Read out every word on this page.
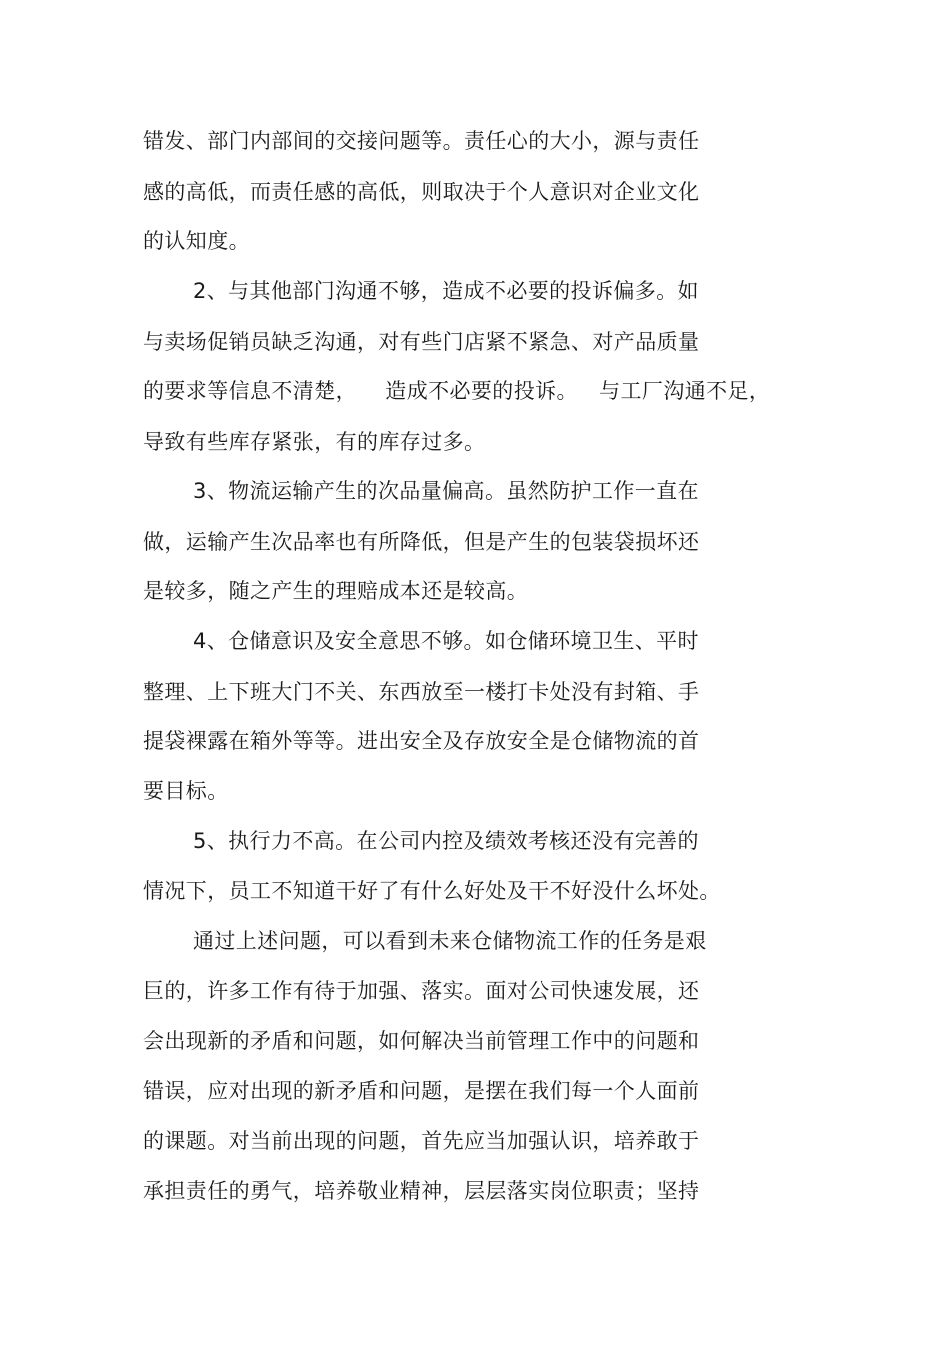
错发、部门内部间的交接问题等。责任心的大小，源与责任
感的高低，而责任感的高低，则取决于个人意识对企业文化
的认知度。
2、与其他部门沟通不够，造成不必要的投诉偏多。如
与卖场促销员缺乏沟通，对有些门店紧不紧急、对产品质量
的要求等信息不清楚，    造成不必要的投诉。   与工厂沟通不足，
导致有些库存紧张，有的库存过多。
3、物流运输产生的次品量偏高。虽然防护工作一直在
做，运输产生次品率也有所降低，但是产生的包装袋损坏还
是较多，随之产生的理赔成本还是较高。
4、仓储意识及安全意思不够。如仓储环境卫生、平时
整理、上下班大门不关、东西放至一楼打卡处没有封箱、手
提袋裸露在箱外等等。进出安全及存放安全是仓储物流的首
要目标。
5、执行力不高。在公司内控及绩效考核还没有完善的
情况下，员工不知道干好了有什么好处及干不好没什么坏处。
通过上述问题，可以看到未来仓储物流工作的任务是艰
巨的，许多工作有待于加强、落实。面对公司快速发展，还
会出现新的矛盾和问题，如何解决当前管理工作中的问题和
错误，应对出现的新矛盾和问题，是摆在我们每一个人面前
的课题。对当前出现的问题，首先应当加强认识，培养敢于
承担责任的勇气，培养敬业精神，层层落实岗位职责；坚持
